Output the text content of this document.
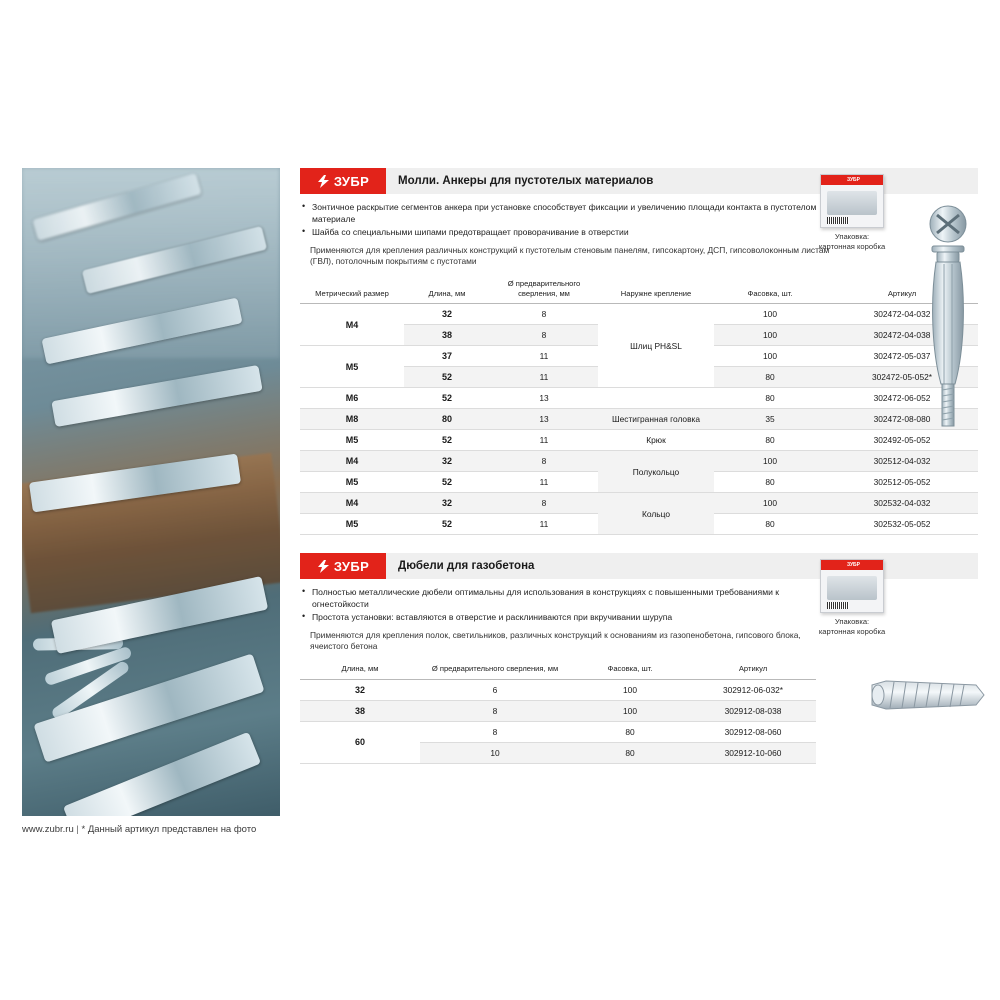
www.zubr.ru | * Данный артикул представлен на фото
ЗУБР	Молли. Анкеры для пустотелых материалов	ЗУБР
Упаковка:
картонная коробка
• Зонтичное раскрытие сегментов анкера при установке способствует фиксации и увеличению площади контакта в пустотелом материале
• Шайба со специальными шипами предотвращает проворачивание в отверстии
Применяются для крепления различных конструкций к пустотелым стеновым панелям, гипсокартону, ДСП, гипсоволоконным листам (ГВЛ), потолочным покрытиям с пустотами
Метрический размер	Длина, мм	Ø предварительного сверления, мм	Наружне крепление	Фасовка, шт.	Артикул
M4	32	8	Шлиц PH&SL	100	302472-04-032
	38	8		100	302472-04-038
M5	37	11		100	302472-05-037
	52	11		80	302472-05-052*
M6	52	13		80	302472-06-052
M8	80	13	Шестигранная головка	35	302472-08-080
M5	52	11	Крюк	80	302492-05-052
M4	32	8	Полукольцо	100	302512-04-032
M5	52	11		80	302512-05-052
M4	32	8	Кольцо	100	302532-04-032
M5	52	11		80	302532-05-052
ЗУБР	Дюбели для газобетона	ЗУБР
Упаковка:
картонная коробка
• Полностью металлические дюбели оптимальны для использования в конструкциях с повышенными требованиями к огнестойкости
• Простота установки: вставляются в отверстие и расклиниваются при вкручивании шурупа
Применяются для крепления полок, светильников, различных конструкций к основаниям из газопенобетона, гипсового блока, ячеистого бетона
Длина, мм	Ø предварительного сверления, мм	Фасовка, шт.	Артикул
32	6	100	302912-06-032*
38	8	100	302912-08-038
60	8	80	302912-08-060
	10	80	302912-10-060
